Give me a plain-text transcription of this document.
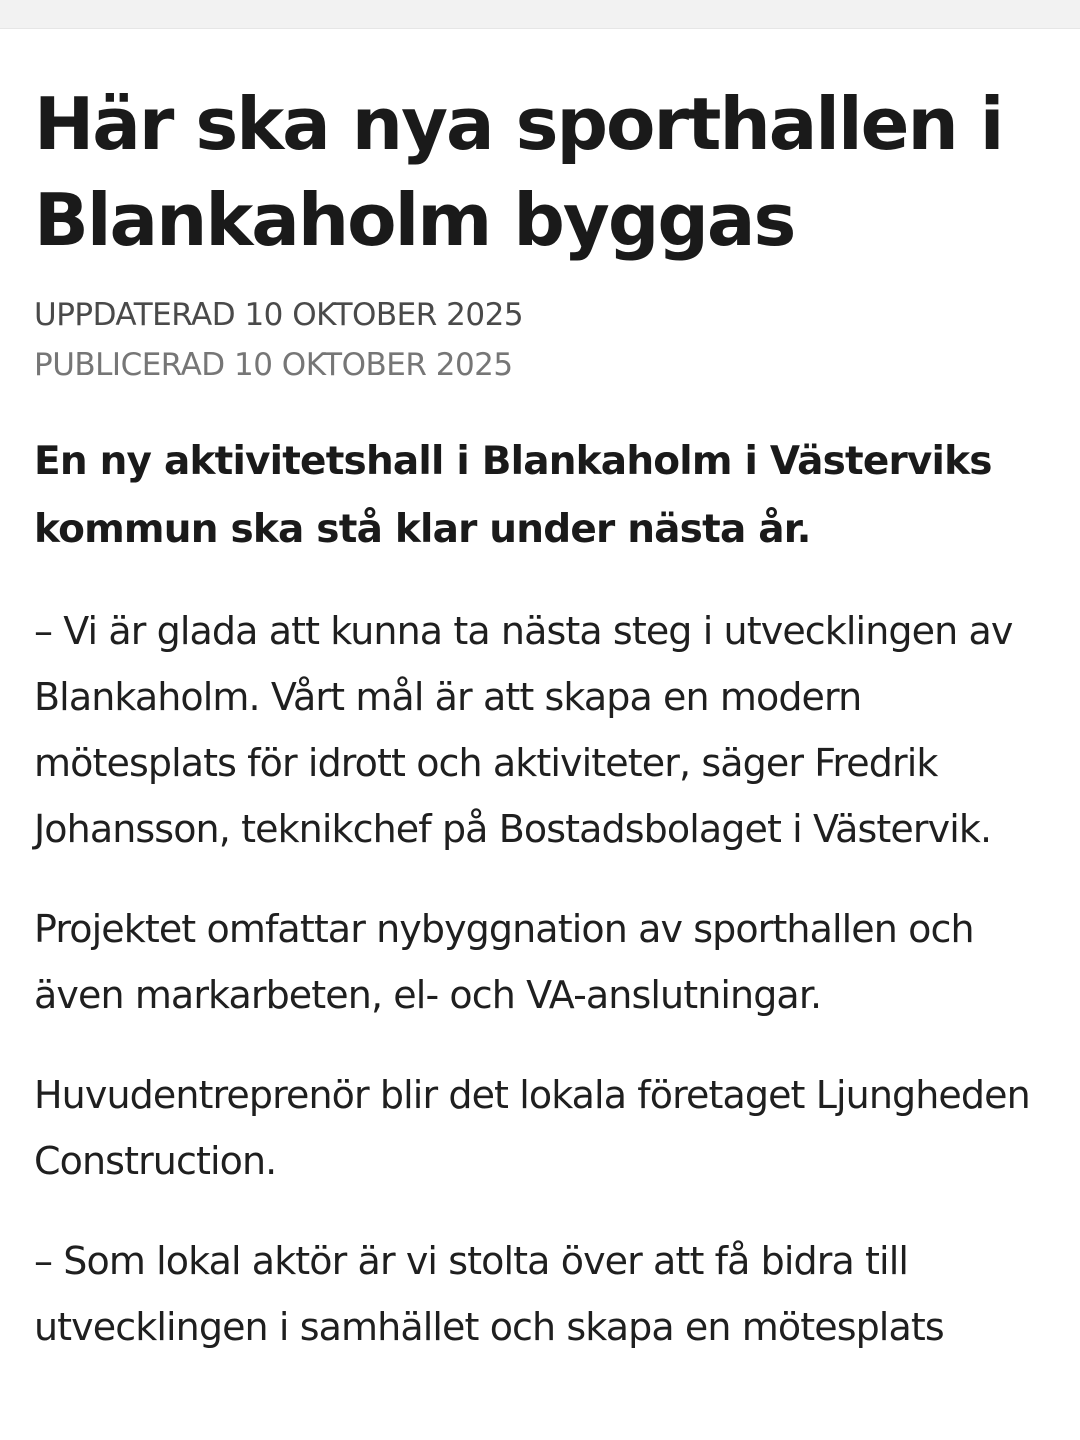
Här ska nya sporthallen i Blankaholm byggas
UPPDATERAD 10 OKTOBER 2025
PUBLICERAD 10 OKTOBER 2025

En ny aktivitetshall i Blankaholm i Västerviks kommun ska stå klar under nästa år.

– Vi är glada att kunna ta nästa steg i utvecklingen av Blankaholm. Vårt mål är att skapa en modern mötesplats för idrott och aktiviteter, säger Fredrik Johansson, teknikchef på Bostadsbolaget i Västervik.

Projektet omfattar nybyggnation av sporthallen och även markarbeten, el- och VA-anslutningar.

Huvudentreprenör blir det lokala företaget Ljungheden Construction.

– Som lokal aktör är vi stolta över att få bidra till utvecklingen i samhället och skapa en mötesplats
